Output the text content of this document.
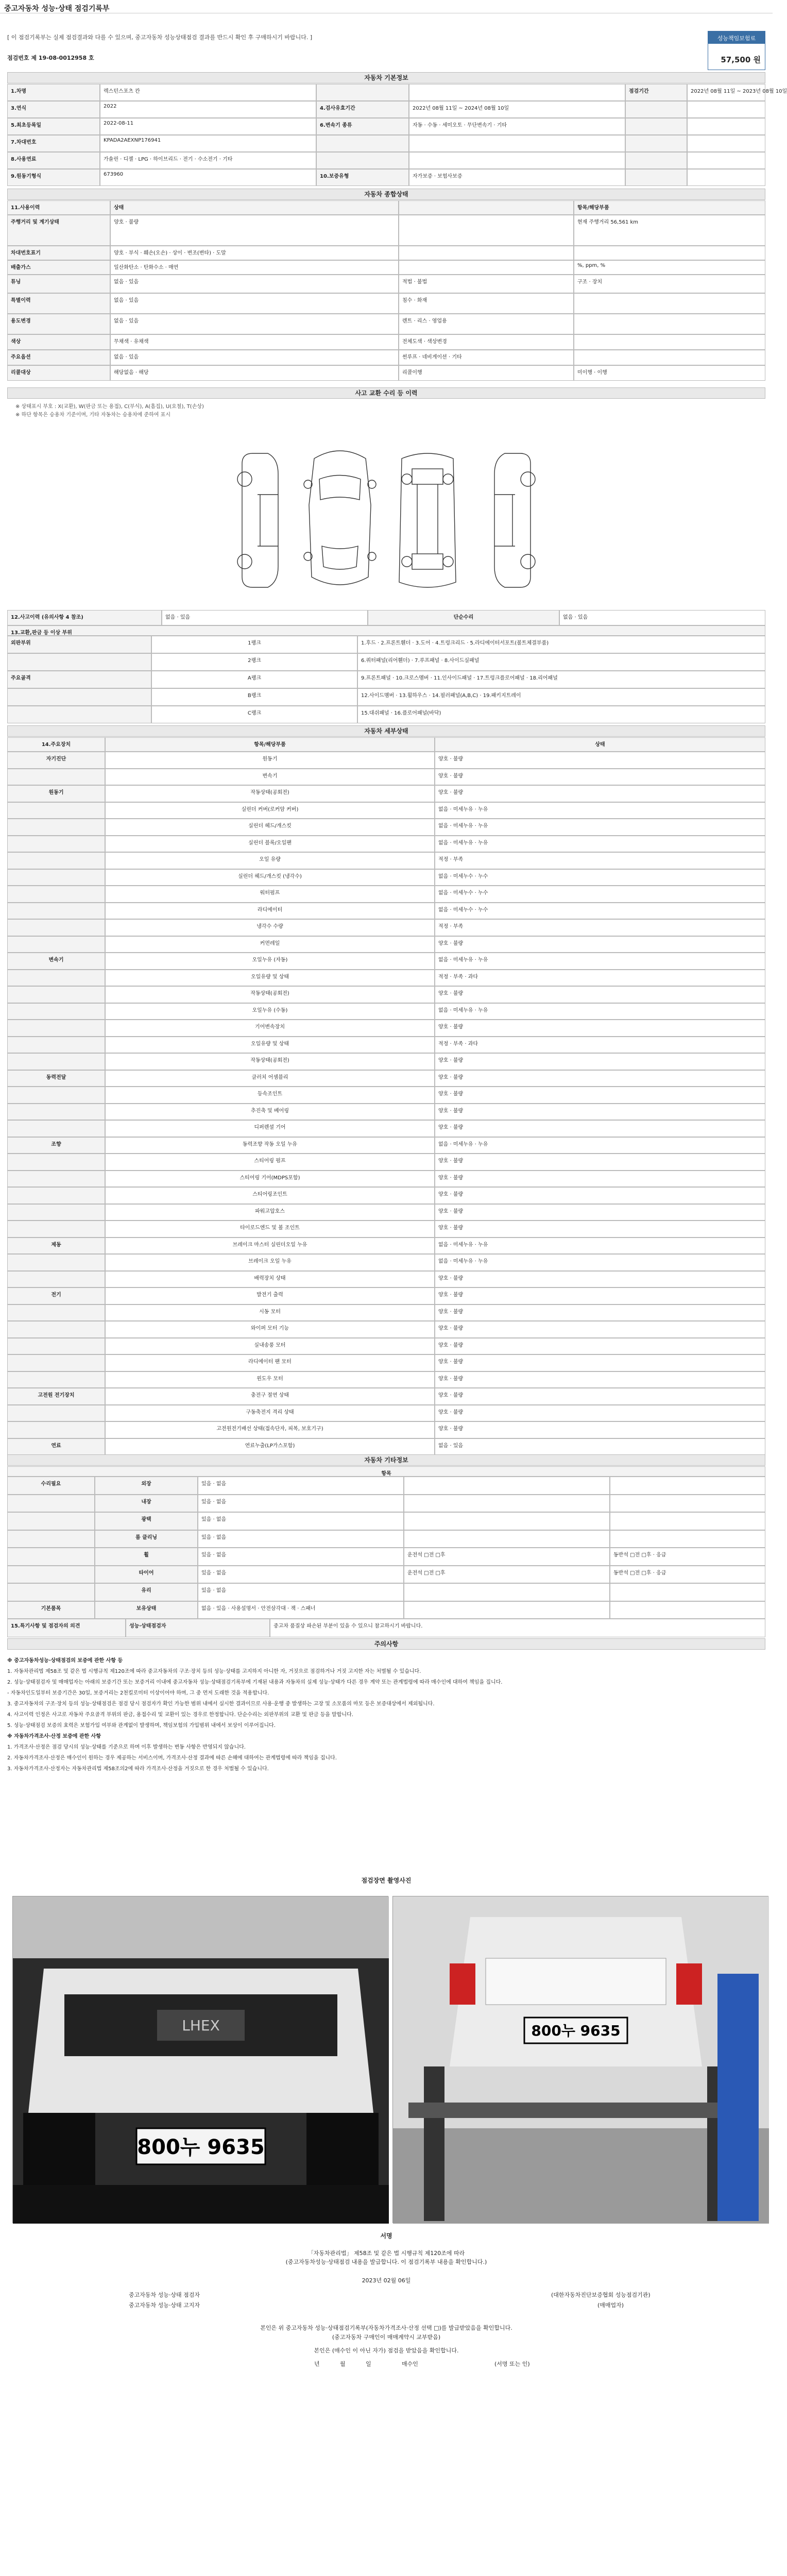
중고자동차 성능·상태 점검기록부
[ 이 점검기록부는 실제 점검결과와 다를 수 있으며, 중고자동차 성능상태점검 결과를 반드시 확인 후 구매하시기 바랍니다. ]	성능책임보험료
57,500 원
점검번호 제 19-08-0012958 호
자동차 기본정보
1.차명	렉스턴스포츠 칸	점검기간	2022년 08월 11일 ~ 2023년 08월 10일
3.연식	2022	4.검사유효기간	2022년 08월 11일 ~ 2024년 08월 10일
5.최초등록일	2022-08-11	6.변속기 종류	자동 · 수동 · 세미오토 · 무단변속기 · 기타
7.차대번호	KPADA2AEXNP176941
8.사용연료	가솔린 · 디젤 · LPG · 하이브리드 · 전기 · 수소전기 · 기타
9.원동기형식	673960	10.보증유형	자가보증 · 보험사보증
자동차 종합상태
11.사용이력	상태	항목/해당부품
주행거리 및 계기상태	양호 · 불량	현재 주행거리 56,561 km
차대번호표기	양호 · 부식 · 훼손(오손) · 상이 · 변조(변타) · 도말
배출가스	일산화탄소 · 탄화수소 · 매연	%, ppm, %
튜닝	없음 · 있음	적법 · 불법	구조 · 장치
특별이력	없음 · 있음	침수 · 화재
용도변경	없음 · 있음	렌트 · 리스 · 영업용
색상	무채색 · 유채색	전체도색 · 색상변경
주요옵션	없음 · 있음	썬루프 · 네비게이션 · 기타
리콜대상	해당없음 · 해당	리콜이행	미이행 · 이행
사고 교환 수리 등 이력
※ 상태표시 부호 : X(교환), W(판금 또는 용접), C(부식), A(흠집), U(요철), T(손상)
※ 하단 항목은 승용차 기준이며, 기타 자동차는 승용차에 준하여 표시
12.사고이력 (유의사항 4 참조)	없음 · 있음	단순수리	없음 · 있음
13.교환,판금 등 이상 부위
외판부위	1랭크	1.후드 · 2.프론트휀더 · 3.도어 · 4.트렁크리드 · 5.라디에이터서포트(볼트체결부품)
2랭크	6.쿼터패널(리어휀더) · 7.루프패널 · 8.사이드실패널
주요골격	A랭크	9.프론트패널 · 10.크로스멤버 · 11.인사이드패널 · 17.트렁크플로어패널 · 18.리어패널
B랭크	12.사이드멤버 · 13.휠하우스 · 14.필러패널(A,B,C) · 19.패키지트레이
C랭크	15.대쉬패널 · 16.플로어패널(바닥)
자동차 세부상태
14.주요장치	항목/해당부품	상태
자기진단	원동기	양호 · 불량
변속기	양호 · 불량
원동기	작동상태(공회전)	양호 · 불량
실린더 커버(로커암 커버)	없음 · 미세누유 · 누유
실린더 헤드/개스킷	없음 · 미세누유 · 누유
실린더 블록/오일팬	없음 · 미세누유 · 누유
오일 유량	적정 · 부족
실린더 헤드/개스킷 (냉각수)	없음 · 미세누수 · 누수
워터펌프	없음 · 미세누수 · 누수
라디에이터	없음 · 미세누수 · 누수
냉각수 수량	적정 · 부족
커먼레일	양호 · 불량
변속기	오일누유 (자동)	없음 · 미세누유 · 누유
오일유량 및 상태	적정 · 부족 · 과다
작동상태(공회전)	양호 · 불량
오일누유 (수동)	없음 · 미세누유 · 누유
기어변속장치	양호 · 불량
오일유량 및 상태	적정 · 부족 · 과다
작동상태(공회전)	양호 · 불량
동력전달	클러치 어셈블리	양호 · 불량
등속조인트	양호 · 불량
추진축 및 베어링	양호 · 불량
디퍼렌셜 기어	양호 · 불량
조향	동력조향 작동 오일 누유	없음 · 미세누유 · 누유
스티어링 펌프	양호 · 불량
스티어링 기어(MDPS포함)	양호 · 불량
스티어링조인트	양호 · 불량
파워고압호스	양호 · 불량
타이로드엔드 및 볼 조인트	양호 · 불량
제동	브레이크 마스터 실린더오일 누유	없음 · 미세누유 · 누유
브레이크 오일 누유	없음 · 미세누유 · 누유
배력장치 상태	양호 · 불량
전기	발전기 출력	양호 · 불량
시동 모터	양호 · 불량
와이퍼 모터 기능	양호 · 불량
실내송풍 모터	양호 · 불량
라디에이터 팬 모터	양호 · 불량
윈도우 모터	양호 · 불량
고전원 전기장치	충전구 절연 상태	양호 · 불량
구동축전지 격리 상태	양호 · 불량
고전원전기배선 상태(접속단자, 피복, 보호기구)	양호 · 불량
연료	연료누출(LP가스포함)	없음 · 있음
자동차 기타정보
항목
수리필요	외장	있음 · 없음
내장	있음 · 없음
광택	있음 · 없음
룸 클리닝	있음 · 없음
휠	있음 · 없음	운전석 □전 □후	동반석 □전 □후 · 응급
타이어	있음 · 없음	운전석 □전 □후	동반석 □전 □후 · 응급
유리	있음 · 없음
기본품목	보유상태	없음 · 있음 · 사용설명서 · 안전삼각대 · 잭 · 스패너
15.특기사항 및 점검자의 의견	성능·상태점검자	중고차 품질상 파손된 부분이 있을 수 있으니 참고하시기 바랍니다.
주의사항
※ 중고자동차성능·상태점검의 보증에 관한 사항 등
1. 자동차관리법 제58조 및 같은 법 시행규칙 제120조에 따라 중고자동차의 구조·장치 등의 성능·상태를 고지하지 아니한 자, 거짓으로 점검하거나 거짓 고지한 자는 처벌될 수 있습니다.
2. 성능·상태점검자 및 매매업자는 아래의 보증기간 또는 보증거리 이내에 중고자동차 성능·상태점검기록부에 기재된 내용과 자동차의 실제 성능·상태가 다른 경우 계약 또는 관계법령에 따라 매수인에 대하여 책임을 집니다.
- 자동차인도일부터 보증기간은 30일, 보증거리는 2천킬로미터 이상이어야 하며, 그 중 먼저 도래한 것을 적용합니다.
3. 중고자동차의 구조·장치 등의 성능·상태점검은 점검 당시 점검자가 확인 가능한 범위 내에서 실시한 결과이므로 사용·운행 중 발생하는 고장 및 소모품의 마모 등은 보증대상에서 제외됩니다.
4. 사고이력 인정은 사고로 자동차 주요골격 부위의 판금, 용접수리 및 교환이 있는 경우로 한정합니다. 단순수리는 외판부위의 교환 및 판금 등을 말합니다.
5. 성능·상태점검 보증의 효력은 보험가입 여부와 관계없이 발생하며, 책임보험의 가입범위 내에서 보상이 이루어집니다.
※ 자동차가격조사·산정 보증에 관한 사항
1. 가격조사·산정은 점검 당시의 성능·상태를 기준으로 하며 이후 발생하는 변동 사항은 반영되지 않습니다.
2. 자동차가격조사·산정은 매수인이 원하는 경우 제공하는 서비스이며, 가격조사·산정 결과에 따른 손해에 대하여는 관계법령에 따라 책임을 집니다.
3. 자동차가격조사·산정자는 자동차관리법 제58조의2에 따라 가격조사·산정을 거짓으로 한 경우 처벌될 수 있습니다.
점검장면 촬영사진
LHEX
800누 9635
800누 9635
서명
「자동차관리법」 제58조 및 같은 법 시행규칙 제120조에 따라
(중고자동차성능·상태점검 내용을 발급합니다. 이 점검기록부 내용을 확인합니다.)
2023년 02월 06일
중고자동차 성능·상태 점검자	(대한자동차진단보증협회 성능점검기관)
중고자동차 성능·상태 고지자	(매매업자)
본인은 위 중고자동차 성능·상태점검기록부(자동차가격조사·산정 선택 □)를 발급받았음을 확인합니다.
(중고자동차 구매인이 매매계약시 교부받음)
본인은 (매수인 이 아닌 자가) 점검을 받았음을 확인합니다.
년	월	일	매수인	(서명 또는 인)
